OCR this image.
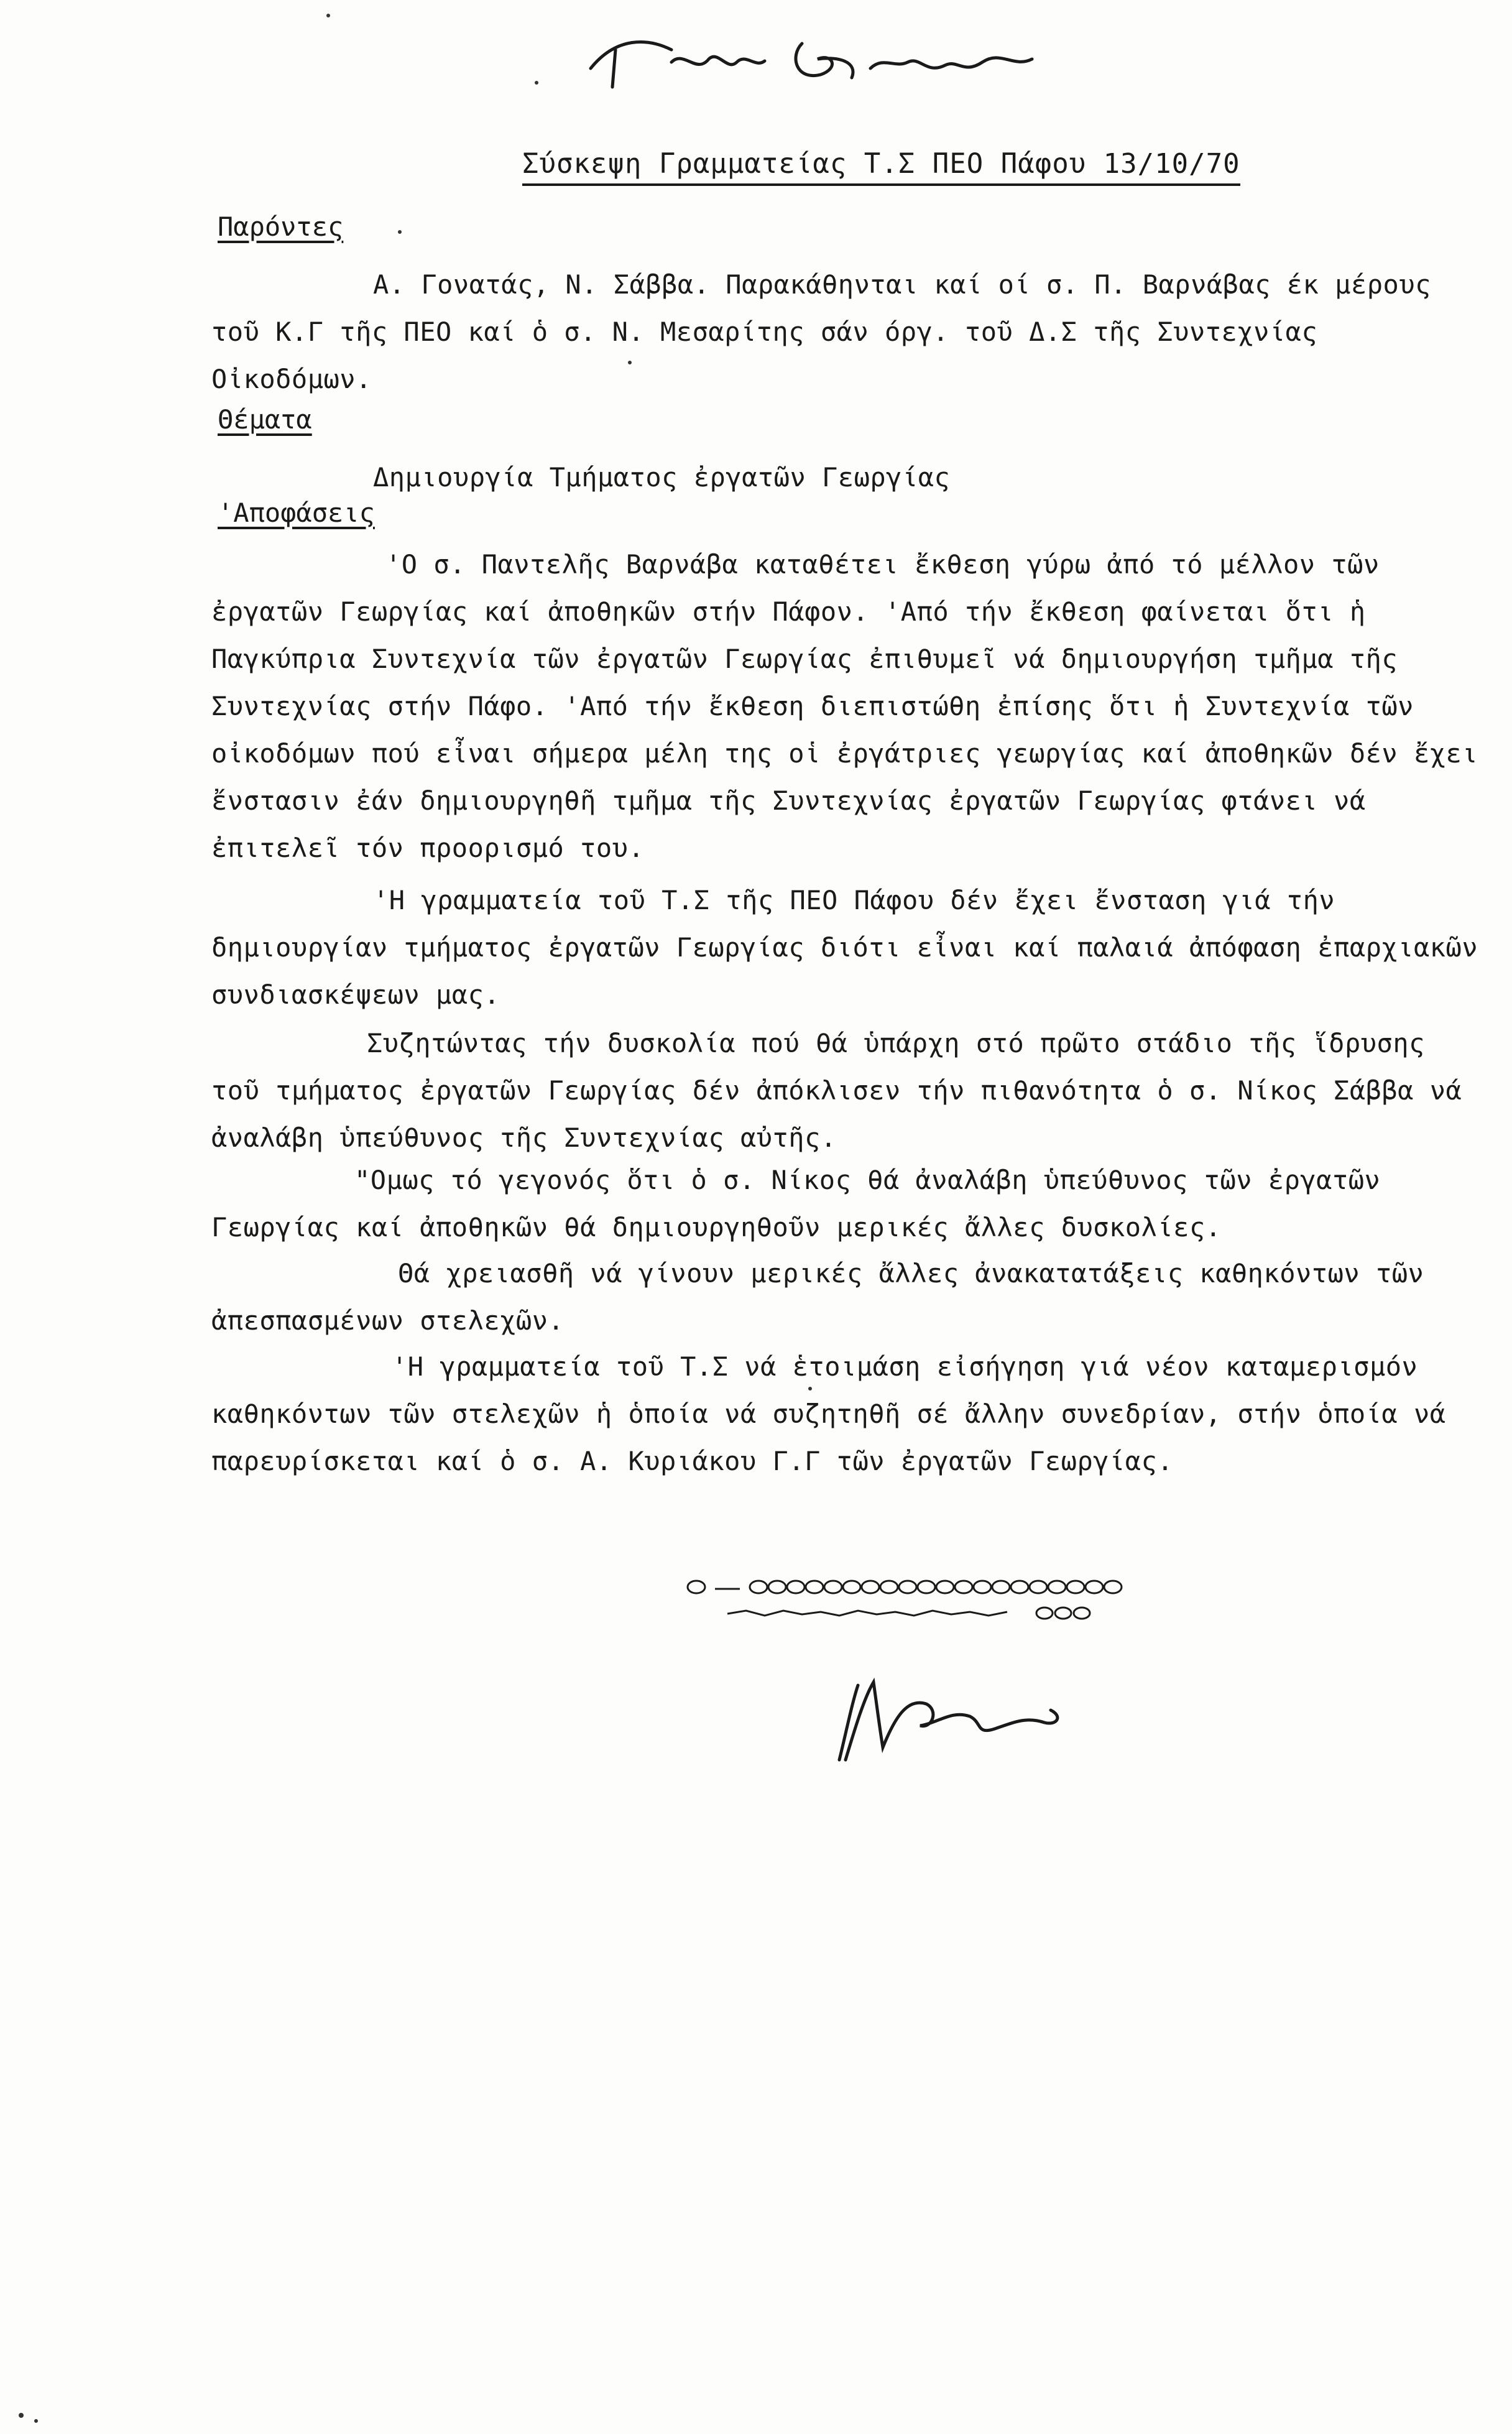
Σύσκεψη Γραμματείας Τ.Σ ΠΕΟ Πάφου 13/10/70
Παρόντες
Α. Γονατάς, Ν. Σάββα. Παρακάθηνται καί οί σ. Π. Βαρνάβας έκ μέρους τοῦ Κ.Γ τῆς ΠΕΟ καί ὁ σ. Ν. Μεσαρίτης σάν όργ. τοῦ Δ.Σ τῆς Συντεχνίας Οἰκοδόμων.
Θέματα
Δημιουργία Τμήματος ἐργατῶν Γεωργίας
'Αποφάσεις
'Ο σ. Παντελῆς Βαρνάβα καταθέτει ἔκθεση γύρω ἀπό τό μέλλον τῶν ἐργατῶν Γεωργίας καί ἀποθηκῶν στήν Πάφον. 'Από τήν ἔκθεση φαίνεται ὅτι ἡ Παγκύπρια Συντεχνία τῶν ἐργατῶν Γεωργίας ἐπιθυμεῖ νά δημιουργήση τμῆμα τῆς Συντεχνίας στήν Πάφο. 'Από τήν ἔκθεση διεπιστώθη ἐπίσης ὅτι ἡ Συντεχνία τῶν οἰκοδόμων πού εἶναι σήμερα μέλη της οἱ ἐργάτριες γεωργίας καί ἀποθηκῶν δέν ἔχει ἔνστασιν ἐάν δημιουργηθῆ τμῆμα τῆς Συντεχνίας ἐργατῶν Γεωργίας φτάνει νά ἐπιτελεῖ τόν προορισμό του.
'Η γραμματεία τοῦ Τ.Σ τῆς ΠΕΟ Πάφου δέν ἔχει ἔνσταση γιά τήν δημιουργίαν τμήματος ἐργατῶν Γεωργίας διότι εἶναι καί παλαιά ἀπόφαση ἐπαρχιακῶν συνδιασκέψεων μας.
Συζητώντας τήν δυσκολία πού θά ὑπάρχη στό πρῶτο στάδιο τῆς ἵδρυσης τοῦ τμήματος ἐργατῶν Γεωργίας δέν ἀπόκλισεν τήν πιθανότητα ὁ σ. Νίκος Σάββα νά ἀναλάβη ὑπεύθυνος τῆς Συντεχνίας αὐτῆς.
"Ομως τό γεγονός ὅτι ὁ σ. Νίκος θά ἀναλάβη ὑπεύθυνος τῶν ἐργατῶν Γεωργίας καί ἀποθηκῶν θά δημιουργηθοῦν μερικές ἄλλες δυσκολίες.
Θά χρειασθῆ νά γίνουν μερικές ἄλλες ἀνακατατάξεις καθηκόντων τῶν ἀπεσπασμένων στελεχῶν.
'Η γραμματεία τοῦ Τ.Σ νά ἑτοιμάση εἰσήγηση γιά νέον καταμερισμόν καθηκόντων τῶν στελεχῶν ἡ ὁποία νά συζητηθῆ σέ ἄλλην συνεδρίαν, στήν ὁποία νά παρευρίσκεται καί ὁ σ. Α. Κυριάκου Γ.Γ τῶν ἐργατῶν Γεωργίας.
